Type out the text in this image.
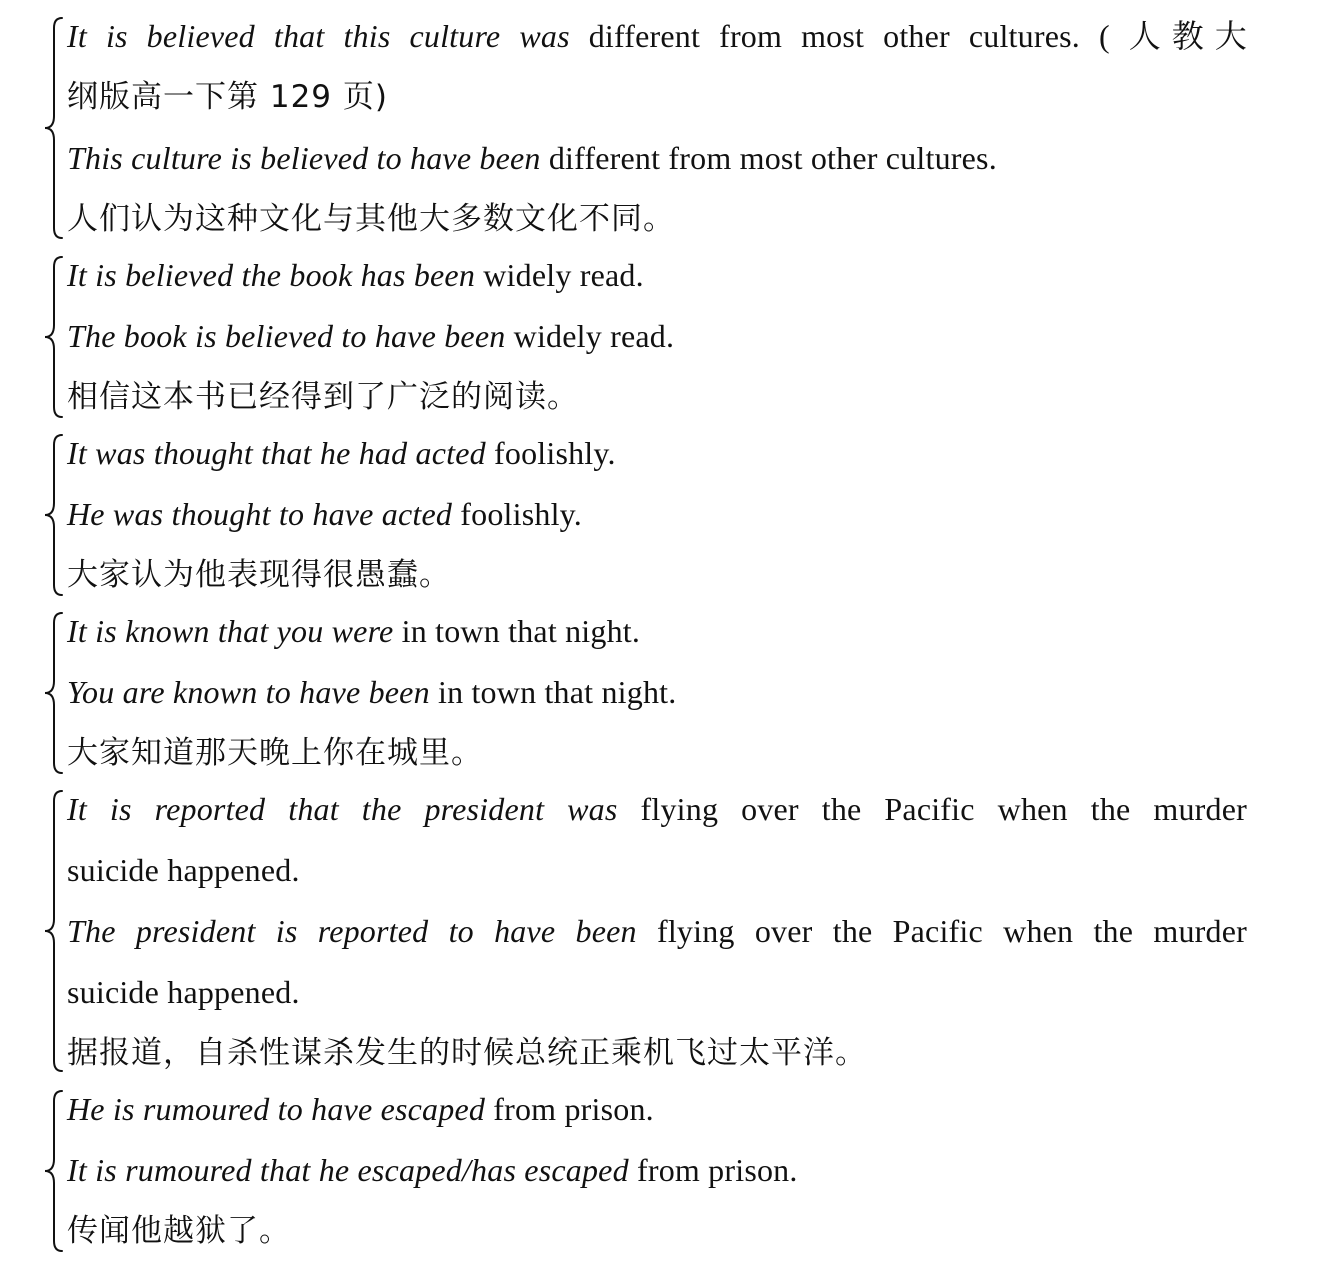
It is believed that this culture was different from most other cultures. ( 人教大
纲版高一下第 129 页)
This culture is believed to have been different from most other cultures.
人们认为这种文化与其他大多数文化不同。
It is believed the book has been widely read.
The book is believed to have been widely read.
相信这本书已经得到了广泛的阅读。
It was thought that he had acted foolishly.
He was thought to have acted foolishly.
大家认为他表现得很愚蠢。
It is known that you were in town that night.
You are known to have been in town that night.
大家知道那天晚上你在城里。
It is reported that the president was flying over the Pacific when the murder
suicide happened.
The president is reported to have been flying over the Pacific when the murder
suicide happened.
据报道，自杀性谋杀发生的时候总统正乘机飞过太平洋。
He is rumoured to have escaped from prison.
It is rumoured that he escaped/has escaped from prison.
传闻他越狱了。
